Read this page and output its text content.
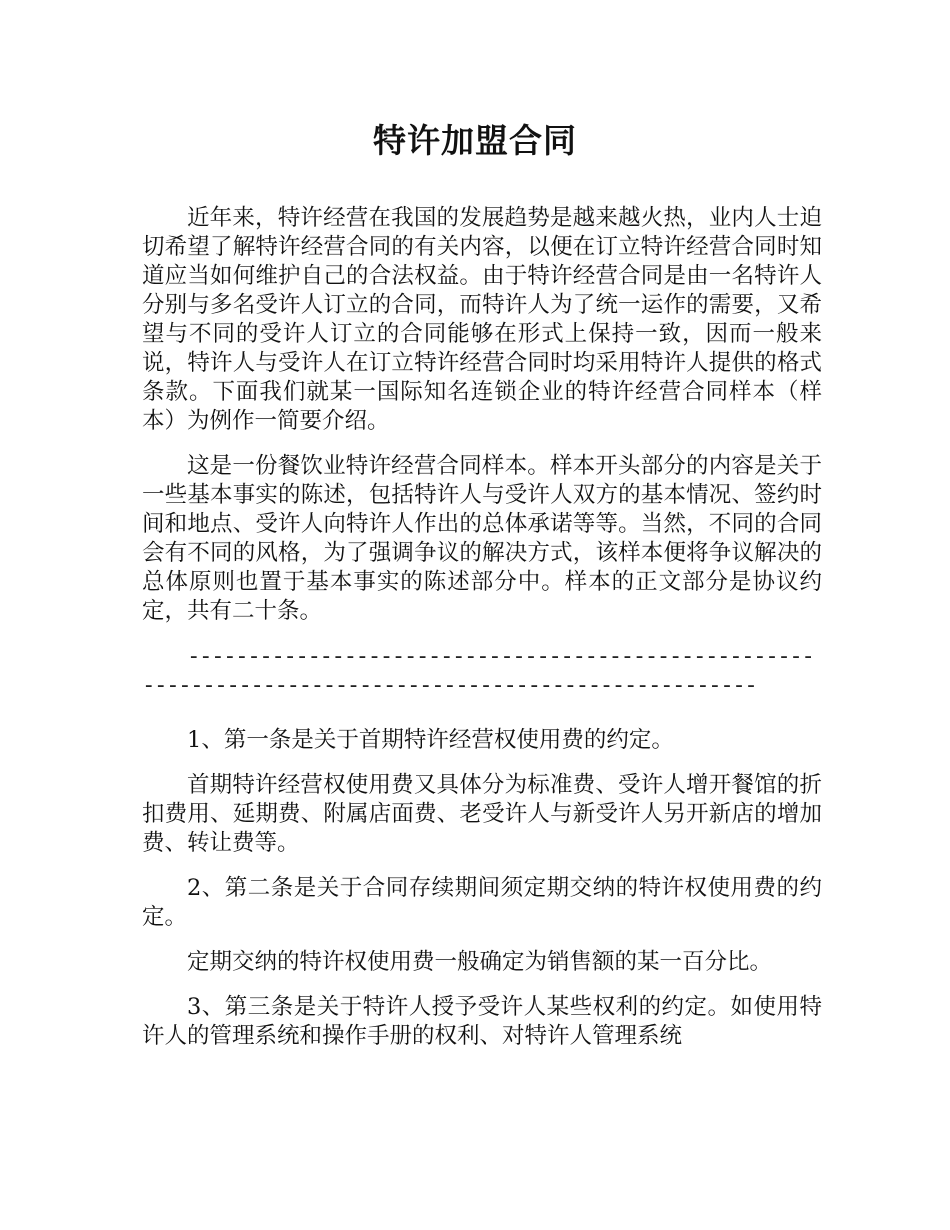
特许加盟合同

近年来，特许经营在我国的发展趋势是越来越火热，业内人士迫切希望了解特许经营合同的有关内容，以便在订立特许经营合同时知道应当如何维护自己的合法权益。由于特许经营合同是由一名特许人分别与多名受许人订立的合同，而特许人为了统一运作的需要，又希望与不同的受许人订立的合同能够在形式上保持一致，因而一般来说，特许人与受许人在订立特许经营合同时均采用特许人提供的格式条款。下面我们就某一国际知名连锁企业的特许经营合同样本（样本）为例作一简要介绍。

这是一份餐饮业特许经营合同样本。样本开头部分的内容是关于一些基本事实的陈述，包括特许人与受许人双方的基本情况、签约时间和地点、受许人向特许人作出的总体承诺等等。当然，不同的合同会有不同的风格，为了强调争议的解决方式，该样本便将争议解决的总体原则也置于基本事实的陈述部分中。样本的正文部分是协议约定，共有二十条。

-------------------------------------------------------------------------------------------------------

1、第一条是关于首期特许经营权使用费的约定。

首期特许经营权使用费又具体分为标准费、受许人增开餐馆的折扣费用、延期费、附属店面费、老受许人与新受许人另开新店的增加费、转让费等。

2、第二条是关于合同存续期间须定期交纳的特许权使用费的约定。

定期交纳的特许权使用费一般确定为销售额的某一百分比。

3、第三条是关于特许人授予受许人某些权利的约定。如使用特许人的管理系统和操作手册的权利、对特许人管理系统
